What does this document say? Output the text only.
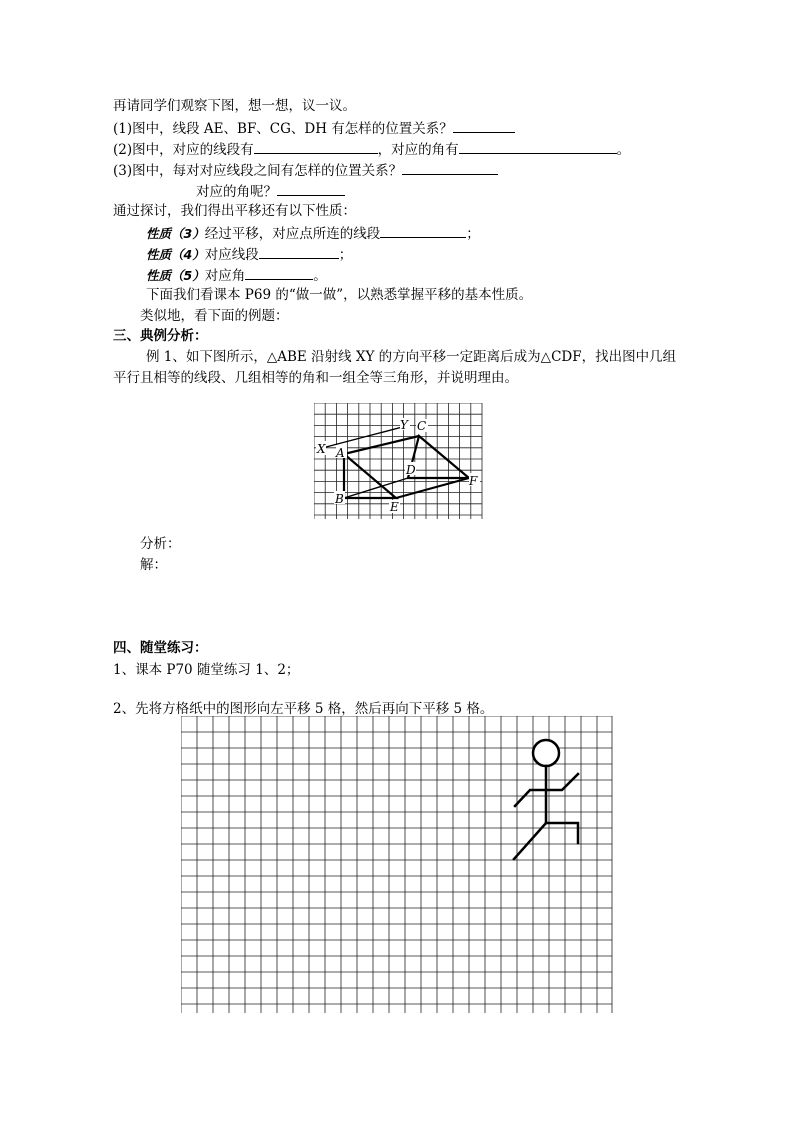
再请同学们观察下图，想一想，议一议。
(1)图中，线段 AE、BF、CG、DH 有怎样的位置关系？
(2)图中，对应的线段有	，对应的角有	。
(3)图中，每对对应线段之间有怎样的位置关系？
对应的角呢？
通过探讨，我们得出平移还有以下性质：
性质（3）经过平移，对应点所连的线段	；
性质（4）对应线段	；
性质（5）对应角	。
下面我们看课本 P69 的“做一做”，以熟悉掌握平移的基本性质。
类似地，看下面的例题：
三、典例分析：
例 1、如下图所示，△ABE 沿射线 XY 的方向平移一定距离后成为△CDF，找出图中几组
平行且相等的线段、几组相等的角和一组全等三角形，并说明理由。
X
Y C
A
D
F
B
E
分析：
解：
四、随堂练习：
1、课本 P70 随堂练习 1、2；
2、先将方格纸中的图形向左平移 5 格，然后再向下平移 5 格。
